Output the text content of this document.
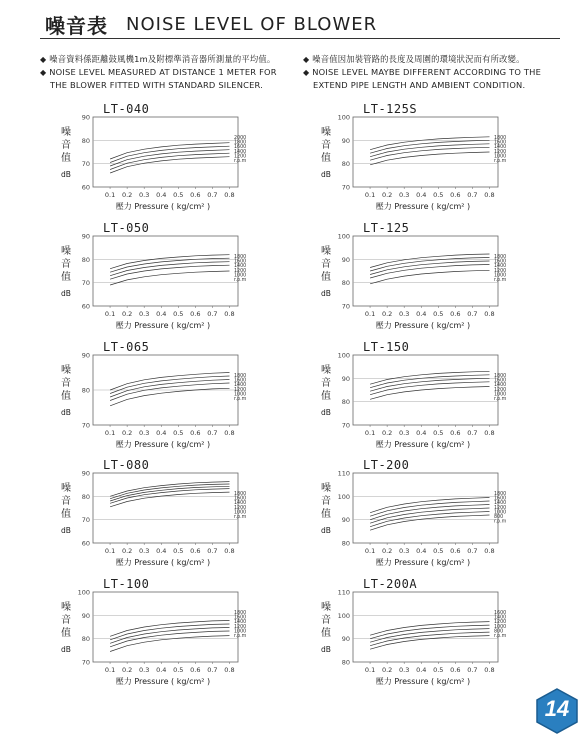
噪音表 NOISE LEVEL OF BLOWER
◆ 噪音資料係距離鼓風機1m及附標準消音器所測量的平均值。
◆ NOISE LEVEL MEASURED AT DISTANCE 1 METER FOR
THE BLOWER FITTED WITH STANDARD SILENCER.
◆ 噪音值因加裝管路的長度及周圍的環境狀況而有所改變。
◆ NOISE LEVEL MAYBE DIFFERENT ACCORDING TO THE
EXTEND PIPE LENGTH AND AMBIENT CONDITION.
LT-040
60
70
80
90
0.1 0.2 0.3 0.4 0.5 0.6 0.7 0.8
噪
音
值
dB
壓力 Pressure ( kg/cm² )
2000
1800
1600
1400
1200
r.p.m
LT-125S
70
80
90
100
0.1 0.2 0.3 0.4 0.5 0.6 0.7 0.8
噪
音
值
dB
壓力 Pressure ( kg/cm² )
1800
1600
1400
1200
1000
r.p.m
LT-050
60
70
80
90
0.1 0.2 0.3 0.4 0.5 0.6 0.7 0.8
噪
音
值
dB
壓力 Pressure ( kg/cm² )
1800
1600
1400
1200
1000
r.p.m
LT-125
70
80
90
100
0.1 0.2 0.3 0.4 0.5 0.6 0.7 0.8
噪
音
值
dB
壓力 Pressure ( kg/cm² )
1800
1600
1400
1200
1000
r.p.m
LT-065
70
80
90
0.1 0.2 0.3 0.4 0.5 0.6 0.7 0.8
噪
音
值
dB
壓力 Pressure ( kg/cm² )
1800
1600
1400
1200
1000
r.p.m
LT-150
70
80
90
100
0.1 0.2 0.3 0.4 0.5 0.6 0.7 0.8
噪
音
值
dB
壓力 Pressure ( kg/cm² )
1800
1600
1400
1200
1000
r.p.m
LT-080
60
70
80
90
0.1 0.2 0.3 0.4 0.5 0.6 0.7 0.8
噪
音
值
dB
壓力 Pressure ( kg/cm² )
1800
1600
1400
1200
1000
r.p.m
LT-200
80
90
100
110
0.1 0.2 0.3 0.4 0.5 0.6 0.7 0.8
噪
音
值
dB
壓力 Pressure ( kg/cm² )
1800
1600
1400
1200
1000
800
r.p.m
LT-100
70
80
90
100
0.1 0.2 0.3 0.4 0.5 0.6 0.7 0.8
噪
音
值
dB
壓力 Pressure ( kg/cm² )
1800
1600
1400
1200
1000
r.p.m
LT-200A
80
90
100
110
0.1 0.2 0.3 0.4 0.5 0.6 0.7 0.8
噪
音
值
dB
壓力 Pressure ( kg/cm² )
1600
1400
1200
1000
800
r.p.m
14
